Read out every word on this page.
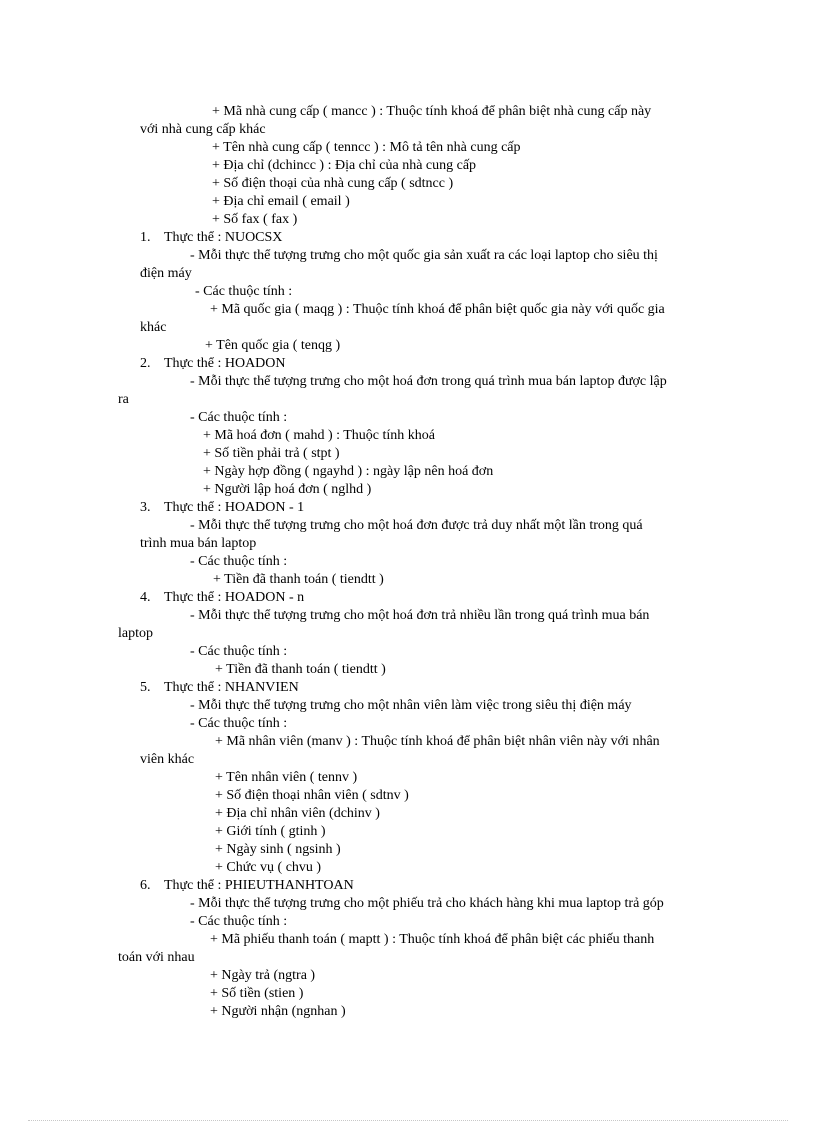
+ Mã nhà cung cấp ( mancc ) : Thuộc tính khoá để phân biệt nhà cung cấp này
với nhà cung cấp khác
+ Tên nhà cung cấp ( tenncc ) : Mô tả tên nhà cung cấp
+ Địa chỉ (dchincc ) : Địa chỉ của nhà cung cấp
+ Số điện thoại của nhà cung cấp ( sdtncc )
+ Địa chỉ email ( email )
+ Số fax ( fax )
1. Thực thể : NUOCSX
- Mỗi thực thể tượng trưng cho một quốc gia sản xuất ra các loại laptop cho siêu thị
điện máy
- Các thuộc tính :
+ Mã quốc gia ( maqg ) : Thuộc tính khoá để phân biệt quốc gia này với quốc gia
khác
+ Tên quốc gia ( tenqg )
2. Thực thể : HOADON
- Mỗi thực thể tượng trưng cho một hoá đơn trong quá trình mua bán laptop được lập
ra
- Các thuộc tính :
+ Mã hoá đơn ( mahd ) : Thuộc tính khoá
+ Số tiền phải trả ( stpt )
+ Ngày hợp đồng ( ngayhd ) : ngày lập nên hoá đơn
+ Người lập hoá đơn ( nglhd )
3. Thực thể : HOADON - 1
- Mỗi thực thể tượng trưng cho một hoá đơn được trả duy nhất một lần trong quá
trình mua bán laptop
- Các thuộc tính :
+ Tiền đã thanh toán ( tiendtt )
4. Thực thể : HOADON - n
- Mỗi thực thể tượng trưng cho một hoá đơn trả nhiều lần trong quá trình mua bán
laptop
- Các thuộc tính :
+ Tiền đã thanh toán ( tiendtt )
5. Thực thể : NHANVIEN
- Mỗi thực thể tượng trưng cho một nhân viên làm việc trong siêu thị điện máy
- Các thuộc tính :
+ Mã nhân viên (manv ) : Thuộc tính khoá để phân biệt nhân viên này với nhân
viên khác
+ Tên nhân viên ( tennv )
+ Số điện thoại nhân viên ( sdtnv )
+ Địa chỉ nhân viên (dchinv )
+ Giới tính ( gtinh )
+ Ngày sinh ( ngsinh )
+ Chức vụ ( chvu )
6. Thực thể : PHIEUTHANHTOAN
- Mỗi thực thể tượng trưng cho một phiếu trả cho khách hàng khi mua laptop trả góp
- Các thuộc tính :
+ Mã phiếu thanh toán ( maptt ) : Thuộc tính khoá để phân biệt các phiếu thanh
toán với nhau
+ Ngày trả (ngtra )
+ Số tiền (stien )
+ Người nhận (ngnhan )
